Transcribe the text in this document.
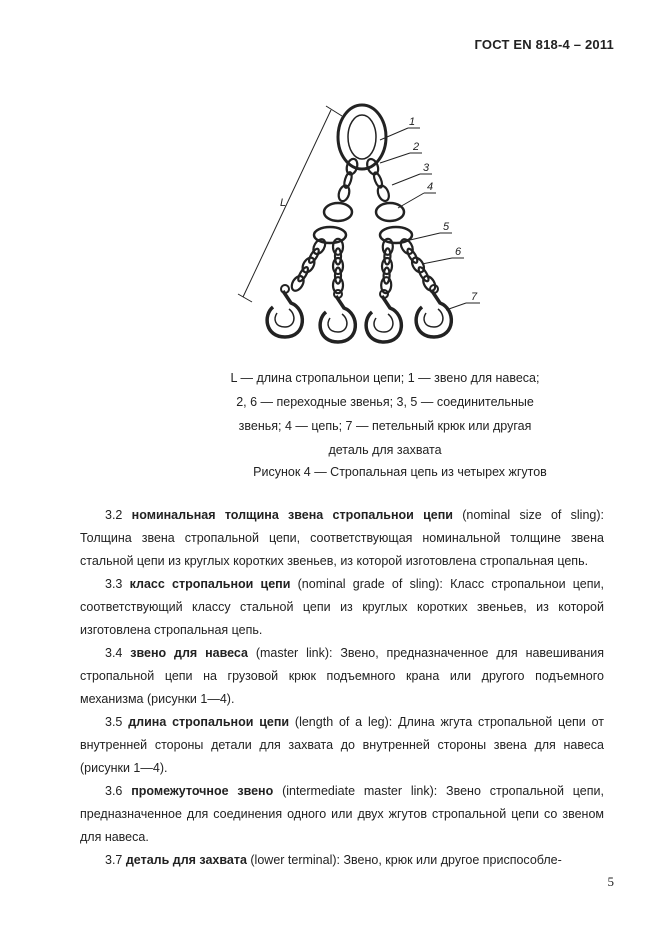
ГОСТ EN 818-4 – 2011
L
1
2
3
4
5
6
7
L — длина стропальнои цепи; 1 — звено для навеса;
2, 6 — переходные звенья; 3, 5 — соединительные
звенья; 4 — цепь; 7 — петельный крюк или другая
деталь для захвата
Рисунок 4 — Стропальная цепь из четырех жгутов

3.2 номинальная толщина звена стропальнои цепи (nominal size of sling): Толщина звена стропальной цепи, соответствующая номинальной толщине звена стальной цепи из круглых коротких звеньев, из которой изготовлена стропальная цепь.

3.3 класс стропальнои цепи (nominal grade of sling): Класс стропальнои цепи, соответствующий классу стальной цепи из круглых коротких звеньев, из которой изготовлена стропальная цепь.

3.4 звено для навеса (master link): Звено, предназначенное для навешивания стропальной цепи на грузовой крюк подъемного крана или другого подъемного механизма (рисунки 1—4).

3.5 длина стропальнои цепи (length of a leg): Длина жгута стропальной цепи от внутренней стороны детали для захвата до внутренней стороны звена для навеса (рисунки 1—4).

3.6 промежуточное звено (intermediate master link): Звено стропальной цепи, предназначенное для соединения одного или двух жгутов стропальной цепи со звеном для навеса.

3.7 деталь для захвата (lower terminal): Звено, крюк или другое приспособле-

5
